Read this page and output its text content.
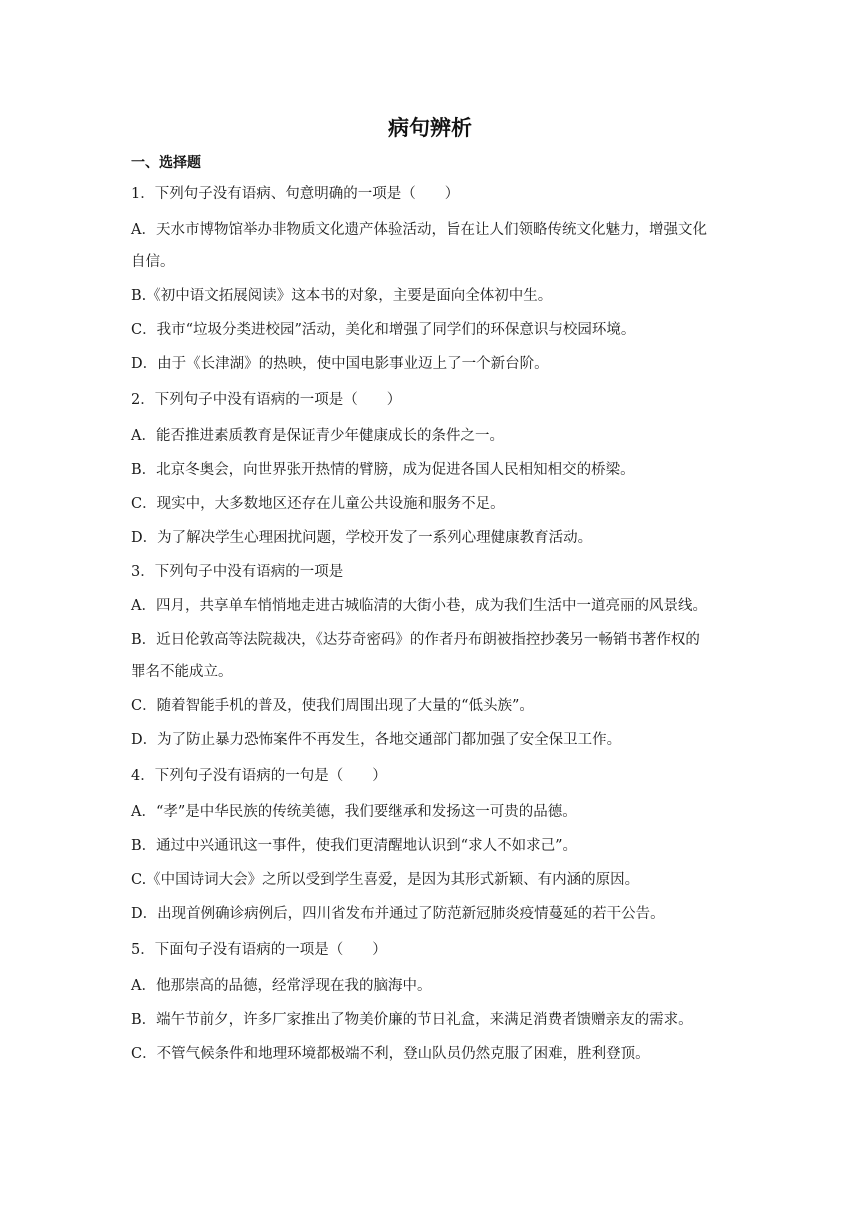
病句辨析
一、选择题
1．下列句子没有语病、句意明确的一项是（　　）
A．天水市博物馆举办非物质文化遗产体验活动，旨在让人们领略传统文化魅力，增强文化
自信。
B.《初中语文拓展阅读》这本书的对象，主要是面向全体初中生。
C．我市“垃圾分类进校园”活动，美化和增强了同学们的环保意识与校园环境。
D．由于《长津湖》的热映，使中国电影事业迈上了一个新台阶。
2．下列句子中没有语病的一项是（　　）
A．能否推进素质教育是保证青少年健康成长的条件之一。
B．北京冬奥会，向世界张开热情的臂膀，成为促进各国人民相知相交的桥梁。
C．现实中，大多数地区还存在儿童公共设施和服务不足。
D．为了解决学生心理困扰问题，学校开发了一系列心理健康教育活动。
3．下列句子中没有语病的一项是
A．四月，共享单车悄悄地走进古城临清的大街小巷，成为我们生活中一道亮丽的风景线。
B．近日伦敦高等法院裁决，《达芬奇密码》的作者丹布朗被指控抄袭另一畅销书著作权的
罪名不能成立。
C．随着智能手机的普及，使我们周围出现了大量的“低头族”。
D．为了防止暴力恐怖案件不再发生，各地交通部门都加强了安全保卫工作。
4．下列句子没有语病的一句是（　　）
A．“孝”是中华民族的传统美德，我们要继承和发扬这一可贵的品德。
B．通过中兴通讯这一事件，使我们更清醒地认识到“求人不如求己”。
C.《中国诗词大会》之所以受到学生喜爱，是因为其形式新颖、有内涵的原因。
D．出现首例确诊病例后，四川省发布并通过了防范新冠肺炎疫情蔓延的若干公告。
5．下面句子没有语病的一项是（　　）
A．他那崇高的品德，经常浮现在我的脑海中。
B．端午节前夕，许多厂家推出了物美价廉的节日礼盒，来满足消费者馈赠亲友的需求。
C．不管气候条件和地理环境都极端不利，登山队员仍然克服了困难，胜利登顶。
